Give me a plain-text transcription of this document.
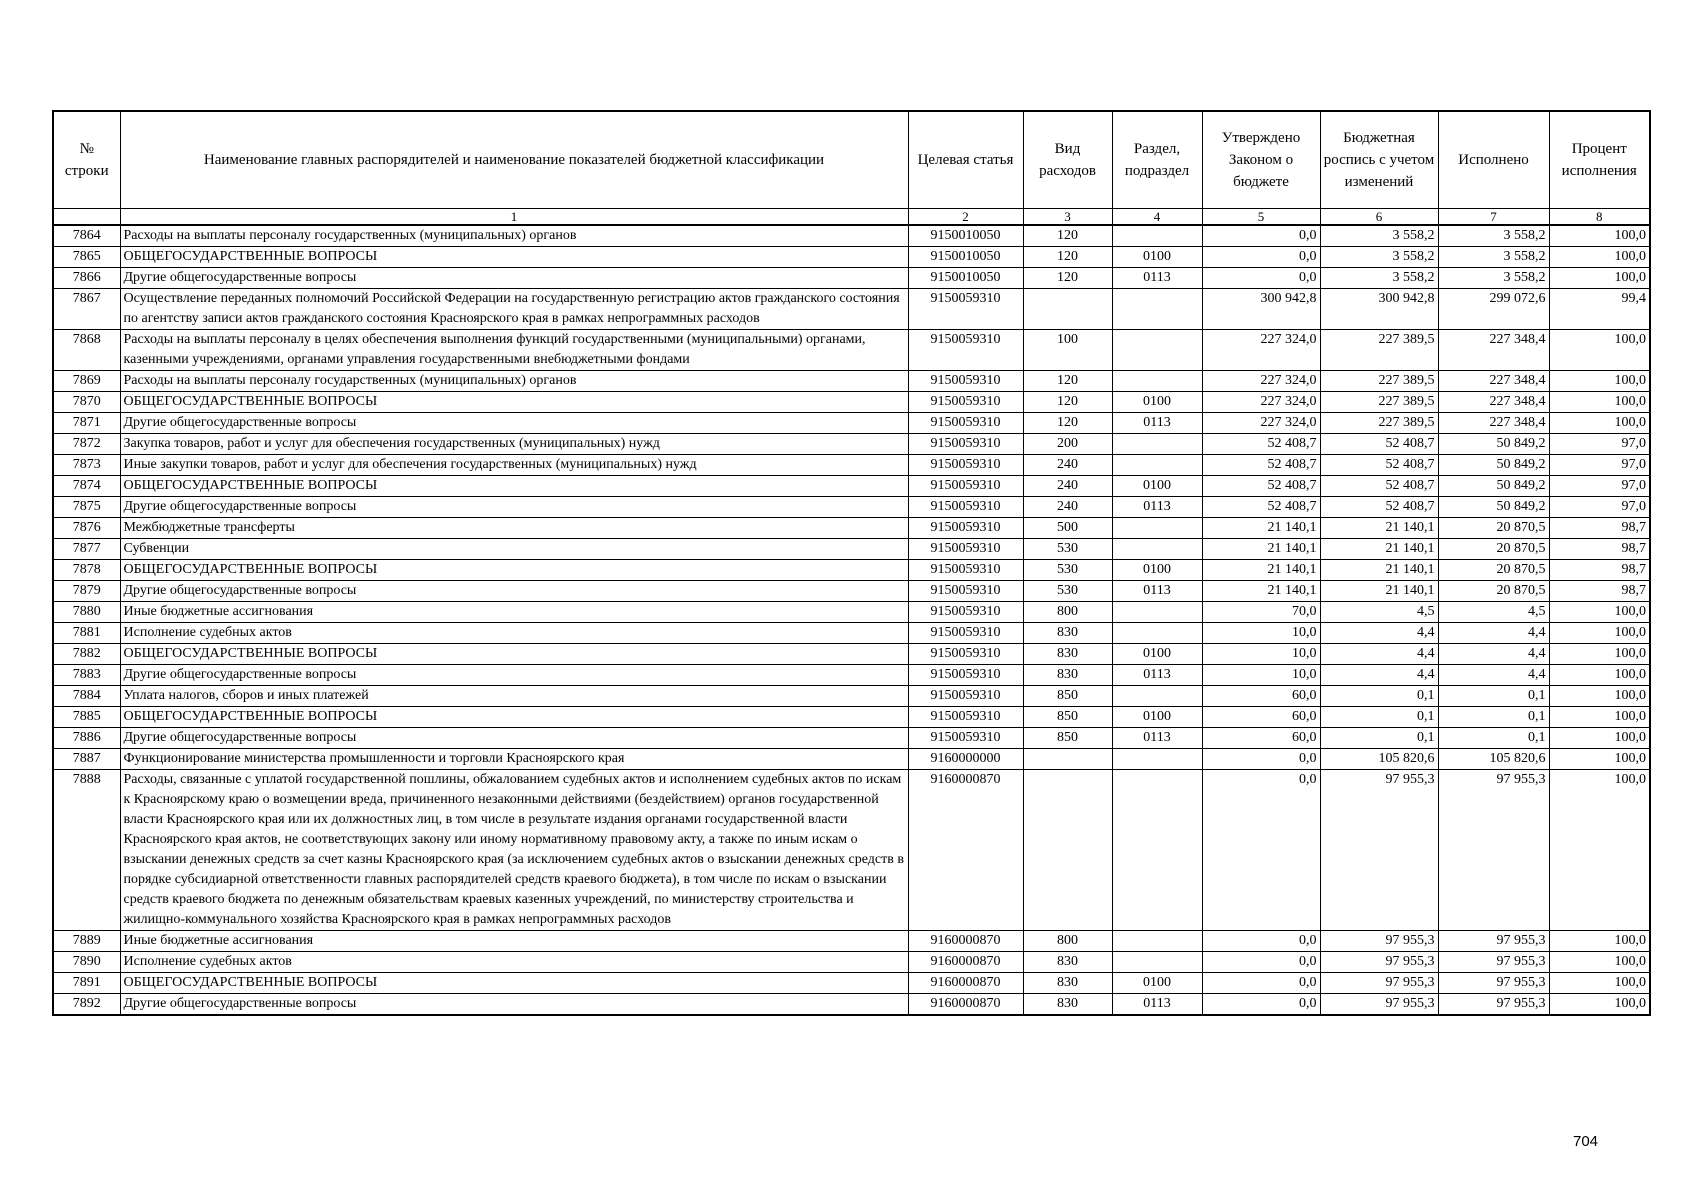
№ строки	Наименование главных распорядителей и наименование показателей бюджетной классификации	Целевая статья	Вид расходов	Раздел, подраздел	Утверждено Законом о бюджете	Бюджетная роспись с учетом изменений	Исполнено	Процент исполнения
	1	2	3	4	5	6	7	8
7864	Расходы на выплаты персоналу государственных (муниципальных) органов	9150010050	120		0,0	3 558,2	3 558,2	100,0
7865	ОБЩЕГОСУДАРСТВЕННЫЕ ВОПРОСЫ	9150010050	120	0100	0,0	3 558,2	3 558,2	100,0
7866	Другие общегосударственные вопросы	9150010050	120	0113	0,0	3 558,2	3 558,2	100,0
7867	Осуществление переданных полномочий Российской Федерации на государственную регистрацию актов гражданского состояния по агентству записи актов гражданского состояния Красноярского края в рамках непрограммных расходов	9150059310			300 942,8	300 942,8	299 072,6	99,4
7868	Расходы на выплаты персоналу в целях обеспечения выполнения функций государственными (муниципальными) органами, казенными учреждениями, органами управления государственными внебюджетными фондами	9150059310	100		227 324,0	227 389,5	227 348,4	100,0
7869	Расходы на выплаты персоналу государственных (муниципальных) органов	9150059310	120		227 324,0	227 389,5	227 348,4	100,0
7870	ОБЩЕГОСУДАРСТВЕННЫЕ ВОПРОСЫ	9150059310	120	0100	227 324,0	227 389,5	227 348,4	100,0
7871	Другие общегосударственные вопросы	9150059310	120	0113	227 324,0	227 389,5	227 348,4	100,0
7872	Закупка товаров, работ и услуг для обеспечения государственных (муниципальных) нужд	9150059310	200		52 408,7	52 408,7	50 849,2	97,0
7873	Иные закупки товаров, работ и услуг для обеспечения государственных (муниципальных) нужд	9150059310	240		52 408,7	52 408,7	50 849,2	97,0
7874	ОБЩЕГОСУДАРСТВЕННЫЕ ВОПРОСЫ	9150059310	240	0100	52 408,7	52 408,7	50 849,2	97,0
7875	Другие общегосударственные вопросы	9150059310	240	0113	52 408,7	52 408,7	50 849,2	97,0
7876	Межбюджетные трансферты	9150059310	500		21 140,1	21 140,1	20 870,5	98,7
7877	Субвенции	9150059310	530		21 140,1	21 140,1	20 870,5	98,7
7878	ОБЩЕГОСУДАРСТВЕННЫЕ ВОПРОСЫ	9150059310	530	0100	21 140,1	21 140,1	20 870,5	98,7
7879	Другие общегосударственные вопросы	9150059310	530	0113	21 140,1	21 140,1	20 870,5	98,7
7880	Иные бюджетные ассигнования	9150059310	800		70,0	4,5	4,5	100,0
7881	Исполнение судебных актов	9150059310	830		10,0	4,4	4,4	100,0
7882	ОБЩЕГОСУДАРСТВЕННЫЕ ВОПРОСЫ	9150059310	830	0100	10,0	4,4	4,4	100,0
7883	Другие общегосударственные вопросы	9150059310	830	0113	10,0	4,4	4,4	100,0
7884	Уплата налогов, сборов и иных платежей	9150059310	850		60,0	0,1	0,1	100,0
7885	ОБЩЕГОСУДАРСТВЕННЫЕ ВОПРОСЫ	9150059310	850	0100	60,0	0,1	0,1	100,0
7886	Другие общегосударственные вопросы	9150059310	850	0113	60,0	0,1	0,1	100,0
7887	Функционирование министерства промышленности и торговли Красноярского края	9160000000			0,0	105 820,6	105 820,6	100,0
7888	Расходы, связанные с уплатой государственной пошлины, обжалованием судебных актов и исполнением судебных актов по искам к Красноярскому краю о возмещении вреда, причиненного незаконными действиями (бездействием) органов государственной власти Красноярского края или их должностных лиц, в том числе в результате издания органами государственной власти Красноярского края актов, не соответствующих закону или иному нормативному правовому акту, а также по иным искам о взыскании денежных средств за счет казны Красноярского края (за исключением судебных актов о взыскании денежных средств в порядке субсидиарной ответственности главных распорядителей средств краевого бюджета), в том числе по искам о взыскании средств краевого бюджета по денежным обязательствам краевых казенных учреждений, по министерству строительства и жилищно-коммунального хозяйства Красноярского края в рамках непрограммных расходов	9160000870			0,0	97 955,3	97 955,3	100,0
7889	Иные бюджетные ассигнования	9160000870	800		0,0	97 955,3	97 955,3	100,0
7890	Исполнение судебных актов	9160000870	830		0,0	97 955,3	97 955,3	100,0
7891	ОБЩЕГОСУДАРСТВЕННЫЕ ВОПРОСЫ	9160000870	830	0100	0,0	97 955,3	97 955,3	100,0
7892	Другие общегосударственные вопросы	9160000870	830	0113	0,0	97 955,3	97 955,3	100,0
704
